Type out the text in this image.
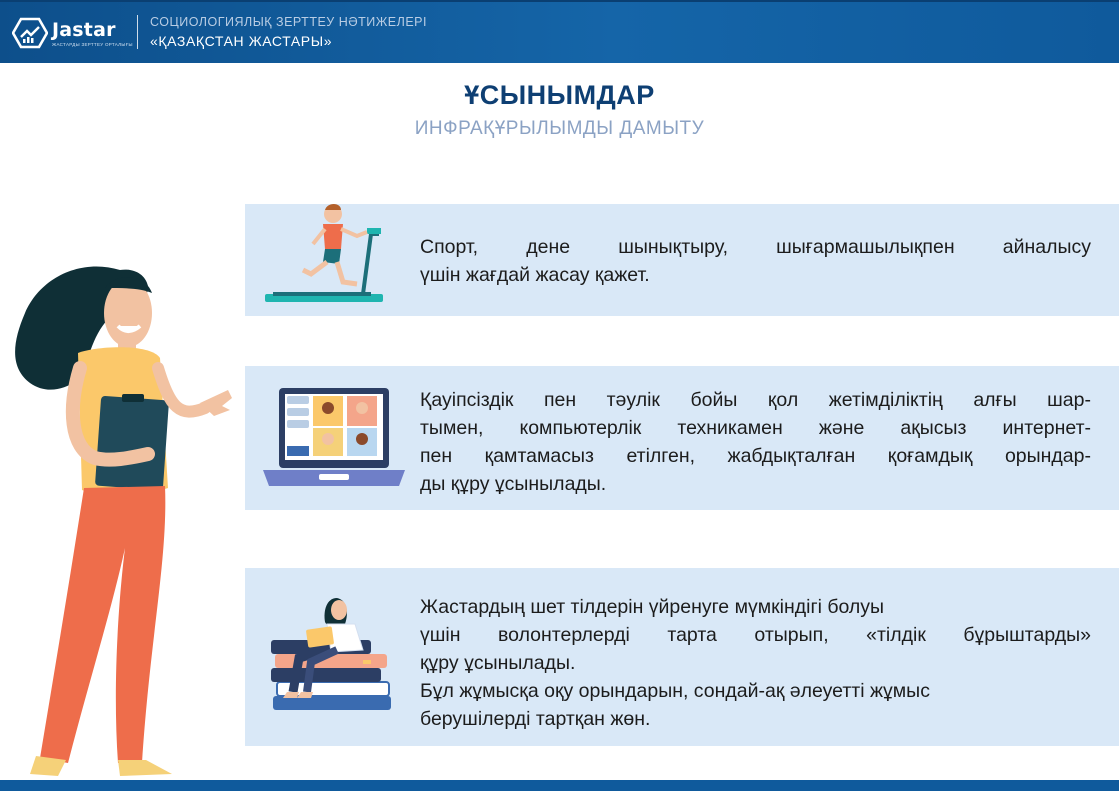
Jastar
ЖАСТАРДЫ ЗЕРТТЕУ ОРТАЛЫҒЫ
СОЦИОЛОГИЯЛЫҚ ЗЕРТТЕУ НӘТИЖЕЛЕРІ
«ҚАЗАҚСТАН ЖАСТАРЫ»
ҰСЫНЫМДАР
ИНФРАҚҰРЫЛЫМДЫ ДАМЫТУ
Спорт, дене шынықтыру, шығармашылықпен айналысу
үшін жағдай жасау қажет.
Қауіпсіздік пен тәулік бойы қол жетімділіктің алғы шар-
тымен, компьютерлік техникамен және ақысыз интернет-
пен қамтамасыз етілген, жабдықталған қоғамдық орындар-
ды құру ұсынылады.
Жастардың шет тілдерін үйренуге мүмкіндігі болуы
үшін волонтерлерді тарта отырып, «тілдік бұрыштарды»
құру ұсынылады.
Бұл жұмысқа оқу орындарын, сондай-ақ әлеуетті жұмыс
берушілерді тартқан жөн.
